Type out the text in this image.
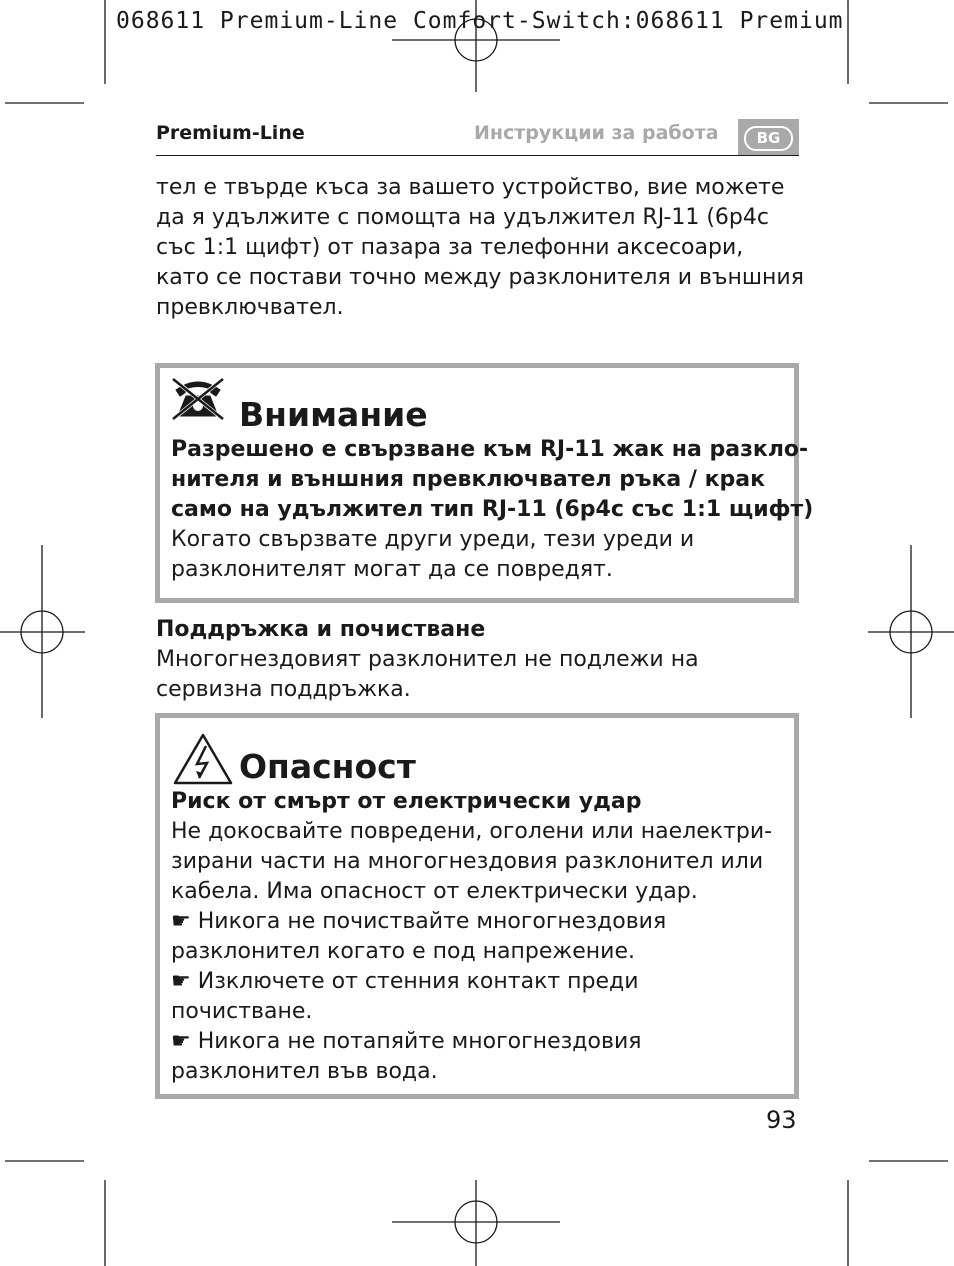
068611 Premium-Line Comfort-Switch:068611 Premium
Premium-Line	Инструкции за работа	BG
тел е твърде къса за вашето устройство, вие можете
да я удължите с помощта на удължител RJ-11 (6р4с
със 1:1 щифт) от пазара за телефонни аксесоари,
като се постави точно между разклонителя и външния
превключвател.
Внимание
Разрешено е свързване към RJ-11 жак на разкло-
нителя и външния превключвател ръка / крак
само на удължител тип RJ-11 (6р4с със 1:1 щифт)
Когато свързвате други уреди, тези уреди и
разклонителят могат да се повредят.
Поддръжка и почистване
Многогнездовият разклонител не подлежи на
сервизна поддръжка.
Опасност
Риск от смърт от електрически удар
Не докосвайте повредени, оголени или наелектри-
зирани части на многогнездовия разклонител или
кабела. Има опасност от електрически удар.
☛ Никога не почиствайте многогнездовия
разклонител когато е под напрежение.
☛ Изключете от стенния контакт преди
почистване.
☛ Никога не потапяйте многогнездовия
разклонител във вода.
93
